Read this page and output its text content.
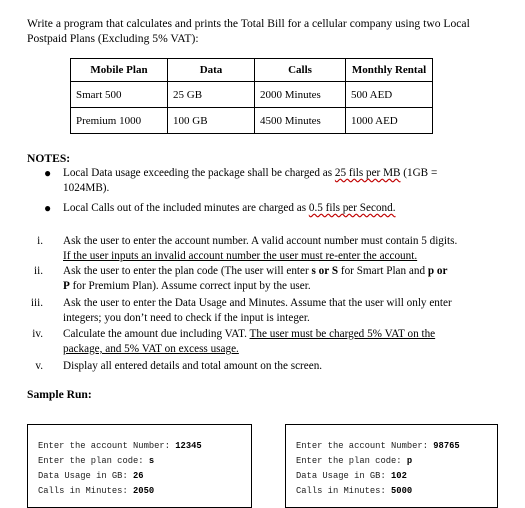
Write a program that calculates and prints the Total Bill for a cellular company using two Local Postpaid Plans (Excluding 5% VAT):
Mobile Plan	Data	Calls	Monthly Rental
Smart 500	25 GB	2000 Minutes	500 AED
Premium 1000	100 GB	4500 Minutes	1000 AED
NOTES:
● Local Data usage exceeding the package shall be charged as 25 fils per MB (1GB =
1024MB).
● Local Calls out of the included minutes are charged as 0.5 fils per Second.
i. Ask the user to enter the account number. A valid account number must contain 5 digits.
If the user inputs an invalid account number the user must re-enter the account.
ii. Ask the user to enter the plan code (The user will enter s or S for Smart Plan and p or
P for Premium Plan). Assume correct input by the user.
iii. Ask the user to enter the Data Usage and Minutes. Assume that the user will only enter
integers; you don’t need to check if the input is integer.
iv. Calculate the amount due including VAT. The user must be charged 5% VAT on the
package, and 5% VAT on excess usage.
v. Display all entered details and total amount on the screen.
Sample Run:
Enter the account Number: 12345
Enter the plan code: s
Data Usage in GB: 26
Calls in Minutes: 2050
Enter the account Number: 98765
Enter the plan code: p
Data Usage in GB: 102
Calls in Minutes: 5000
